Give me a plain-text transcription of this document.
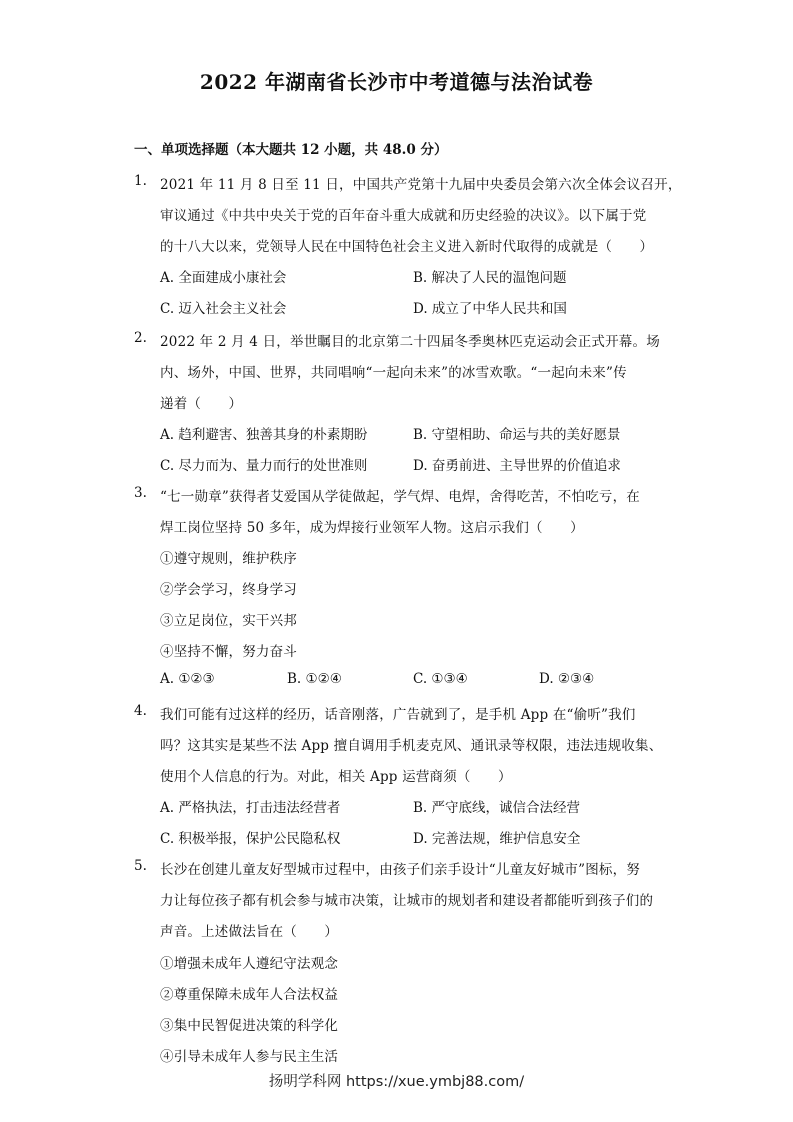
2022 年湖南省长沙市中考道德与法治试卷
一、单项选择题（本大题共 12 小题，共 48.0 分）
1. 2021 年 11 月 8 日至 11 日，中国共产党第十九届中央委员会第六次全体会议召开，
审议通过《中共中央关于党的百年奋斗重大成就和历史经验的决议》。以下属于党
的十八大以来，党领导人民在中国特色社会主义进入新时代取得的成就是（　　）
A. 全面建成小康社会	B. 解决了人民的温饱问题
C. 迈入社会主义社会	D. 成立了中华人民共和国
2. 2022 年 2 月 4 日，举世瞩目的北京第二十四届冬季奥林匹克运动会正式开幕。场
内、场外，中国、世界，共同唱响“一起向未来”的冰雪欢歌。“一起向未来”传
递着（　　）
A. 趋利避害、独善其身的朴素期盼	B. 守望相助、命运与共的美好愿景
C. 尽力而为、量力而行的处世准则	D. 奋勇前进、主导世界的价值追求
3. “七一勋章”获得者艾爱国从学徒做起，学气焊、电焊，舍得吃苦，不怕吃亏，在
焊工岗位坚持 50 多年，成为焊接行业领军人物。这启示我们（　　）
①遵守规则，维护秩序
②学会学习，终身学习
③立足岗位，实干兴邦
④坚持不懈，努力奋斗
A. ①②③	B. ①②④	C. ①③④	D. ②③④
4. 我们可能有过这样的经历，话音刚落，广告就到了，是手机 App 在“偷听”我们
吗？这其实是某些不法 App 擅自调用手机麦克风、通讯录等权限，违法违规收集、
使用个人信息的行为。对此，相关 App 运营商须（　　）
A. 严格执法，打击违法经营者	B. 严守底线，诚信合法经营
C. 积极举报，保护公民隐私权	D. 完善法规，维护信息安全
5. 长沙在创建儿童友好型城市过程中，由孩子们亲手设计“儿童友好城市”图标，努
力让每位孩子都有机会参与城市决策，让城市的规划者和建设者都能听到孩子们的
声音。上述做法旨在（　　）
①增强未成年人遵纪守法观念
②尊重保障未成年人合法权益
③集中民智促进决策的科学化
④引导未成年人参与民主生活
扬明学科网 https://xue.ymbj88.com/
